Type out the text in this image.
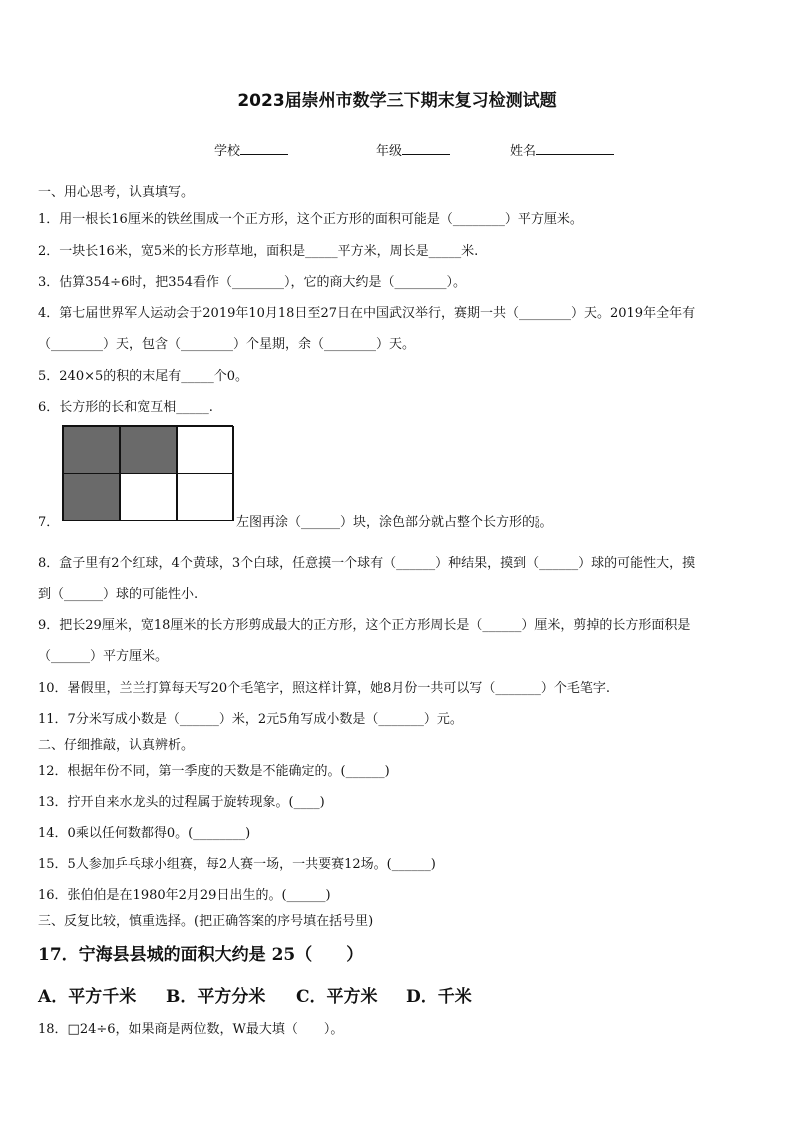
2023届崇州市数学三下期末复习检测试题
学校	年级	姓名
一、用心思考，认真填写。
1．用一根长16厘米的铁丝围成一个正方形，这个正方形的面积可能是（________）平方厘米。
2．一块长16米，宽5米的长方形草地，面积是_____平方米，周长是_____米.
3．估算354÷6时，把354看作（________），它的商大约是（________）。
4．第七届世界军人运动会于2019年10月18日至27日在中国武汉举行，赛期一共（________）天。2019年全年有
（________）天，包含（________）个星期，余（________）天。
5．240×5的积的末尾有_____个0。
6．长方形的长和宽互相_____.
7．	左图再涂（______）块，涂色部分就占整个长方形的5
6。
8．盒子里有2个红球，4个黄球，3个白球，任意摸一个球有（______）种结果，摸到（______）球的可能性大，摸
到（______）球的可能性小.
9．把长29厘米，宽18厘米的长方形剪成最大的正方形，这个正方形周长是（______）厘米，剪掉的长方形面积是
（______）平方厘米。
10．暑假里，兰兰打算每天写20个毛笔字，照这样计算，她8月份一共可以写（_______）个毛笔字.
11．7分米写成小数是（______）米，2元5角写成小数是（_______）元。
二、仔细推敲，认真辨析。
12．根据年份不同，第一季度的天数是不能确定的。(______)
13．拧开自来水龙头的过程属于旋转现象。(____)
14．0乘以任何数都得0。(________)
15．5人参加乒乓球小组赛，每2人赛一场，一共要赛12场。(______)
16．张伯伯是在1980年2月29日出生的。(______)
三、反复比较，慎重选择。(把正确答案的序号填在括号里)
17．宁海县县城的面积大约是 25（　　）
A．平方千米 B．平方分米 C．平方米 D．千米
18．□24÷6，如果商是两位数，W最大填（　　）。
